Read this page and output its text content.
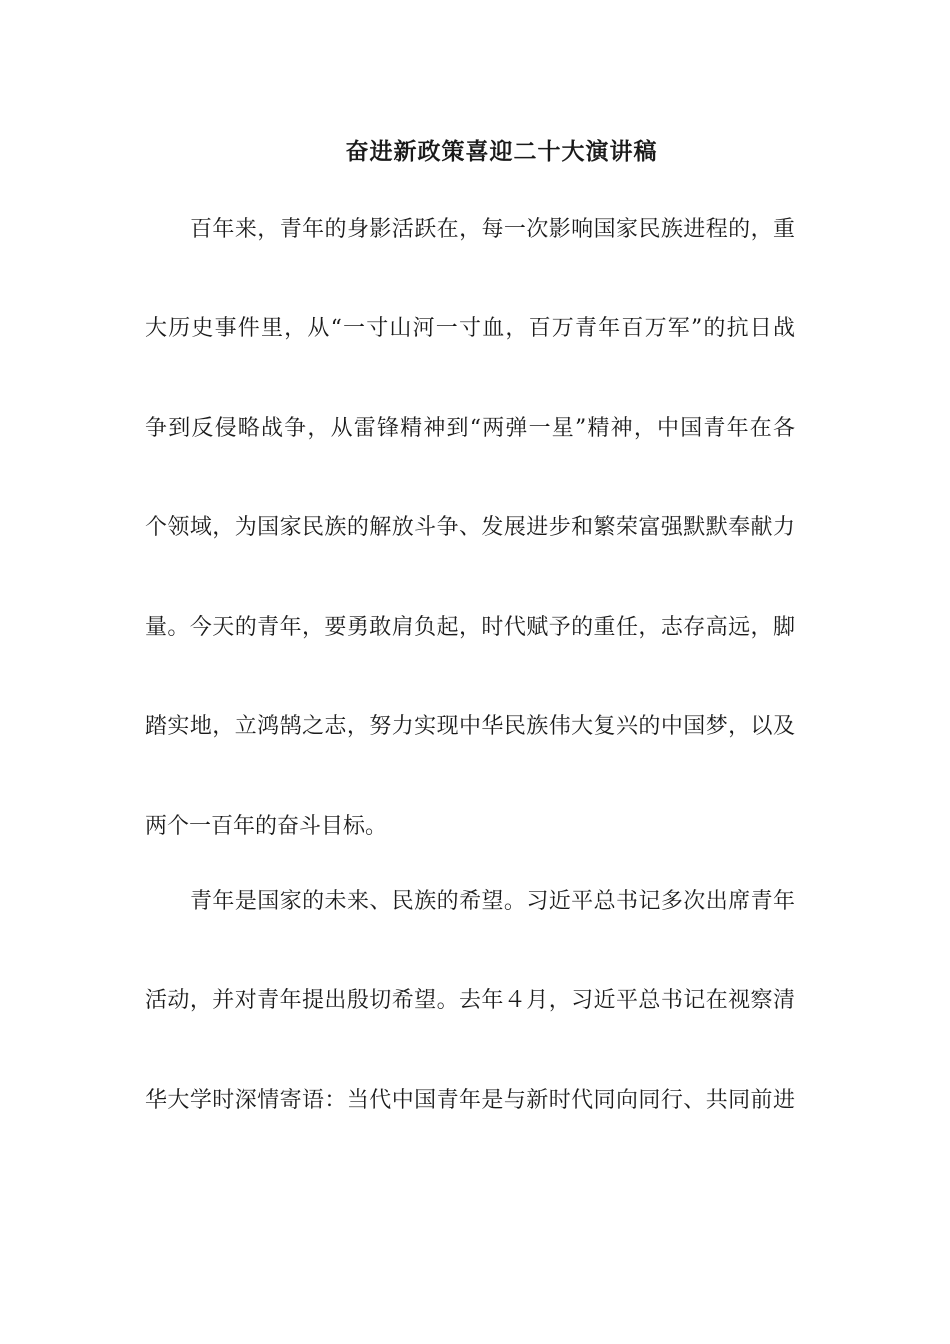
奋进新政策喜迎二十大演讲稿

百年来，青年的身影活跃在，每一次影响国家民族进程的，重

大历史事件里，从“一寸山河一寸血，百万青年百万军”的抗日战

争到反侵略战争，从雷锋精神到“两弹一星”精神，中国青年在各

个领域，为国家民族的解放斗争、发展进步和繁荣富强默默奉献力

量。今天的青年，要勇敢肩负起，时代赋予的重任，志存高远，脚

踏实地，立鸿鹄之志，努力实现中华民族伟大复兴的中国梦，以及

两个一百年的奋斗目标。

青年是国家的未来、民族的希望。习近平总书记多次出席青年

活动，并对青年提出殷切希望。去年４月，习近平总书记在视察清

华大学时深情寄语：当代中国青年是与新时代同向同行、共同前进
